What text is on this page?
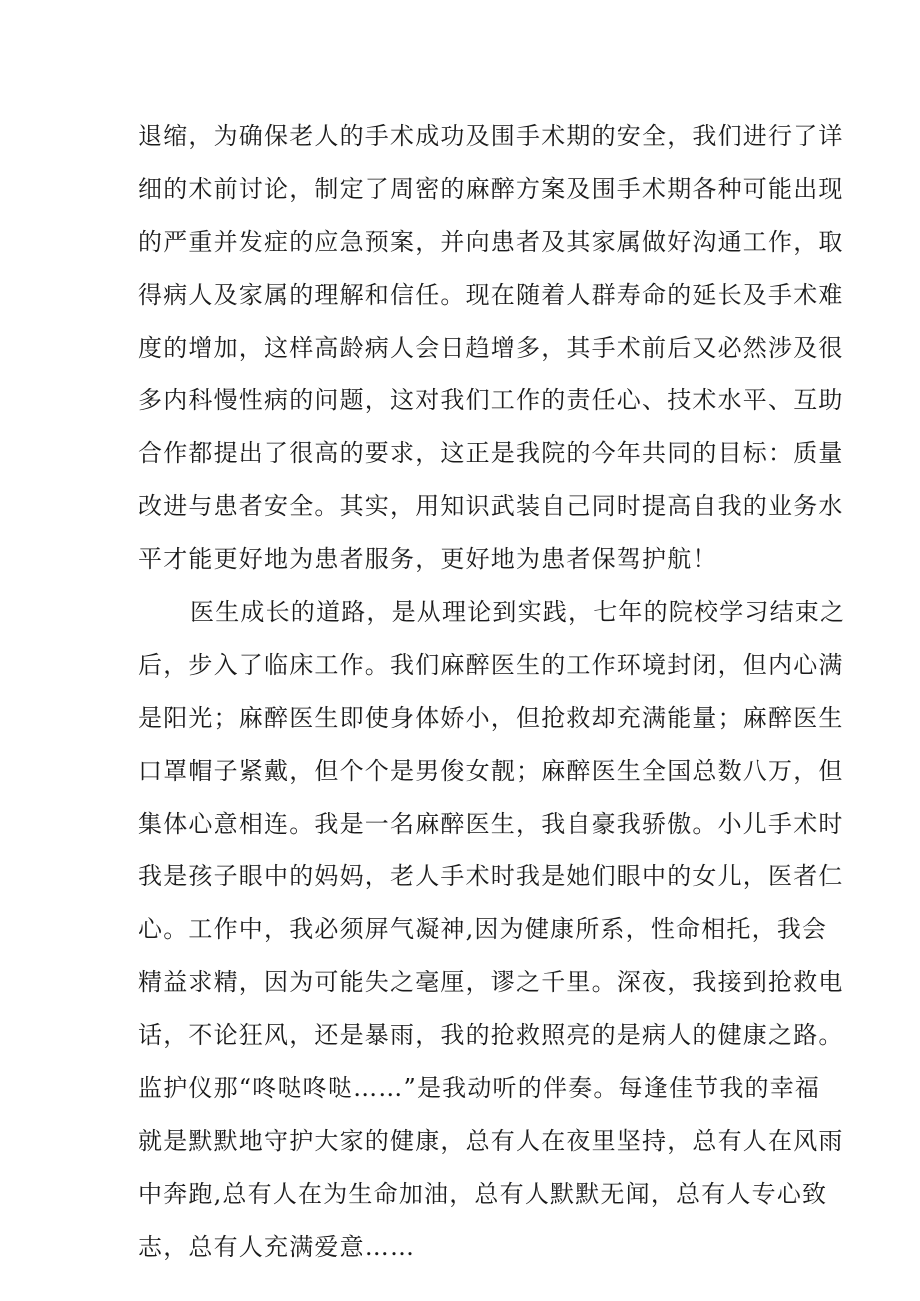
退缩，为确保老人的手术成功及围手术期的安全，我们进行了详
细的术前讨论，制定了周密的麻醉方案及围手术期各种可能出现
的严重并发症的应急预案，并向患者及其家属做好沟通工作，取
得病人及家属的理解和信任。现在随着人群寿命的延长及手术难
度的增加，这样高龄病人会日趋增多，其手术前后又必然涉及很
多内科慢性病的问题，这对我们工作的责任心、技术水平、互助
合作都提出了很高的要求，这正是我院的今年共同的目标：质量
改进与患者安全。其实，用知识武装自己同时提高自我的业务水
平才能更好地为患者服务，更好地为患者保驾护航！
医生成长的道路，是从理论到实践，七年的院校学习结束之
后，步入了临床工作。我们麻醉医生的工作环境封闭，但内心满
是阳光；麻醉医生即使身体娇小，但抢救却充满能量；麻醉医生
口罩帽子紧戴，但个个是男俊女靓；麻醉医生全国总数八万，但
集体心意相连。我是一名麻醉医生，我自豪我骄傲。小儿手术时
我是孩子眼中的妈妈，老人手术时我是她们眼中的女儿，医者仁
心。工作中，我必须屏气凝神,因为健康所系，性命相托，我会
精益求精，因为可能失之毫厘，谬之千里。深夜，我接到抢救电
话，不论狂风，还是暴雨，我的抢救照亮的是病人的健康之路。
监护仪那“咚哒咚哒……”是我动听的伴奏。每逢佳节我的幸福
就是默默地守护大家的健康，总有人在夜里坚持，总有人在风雨
中奔跑,总有人在为生命加油，总有人默默无闻，总有人专心致
志，总有人充满爱意……
